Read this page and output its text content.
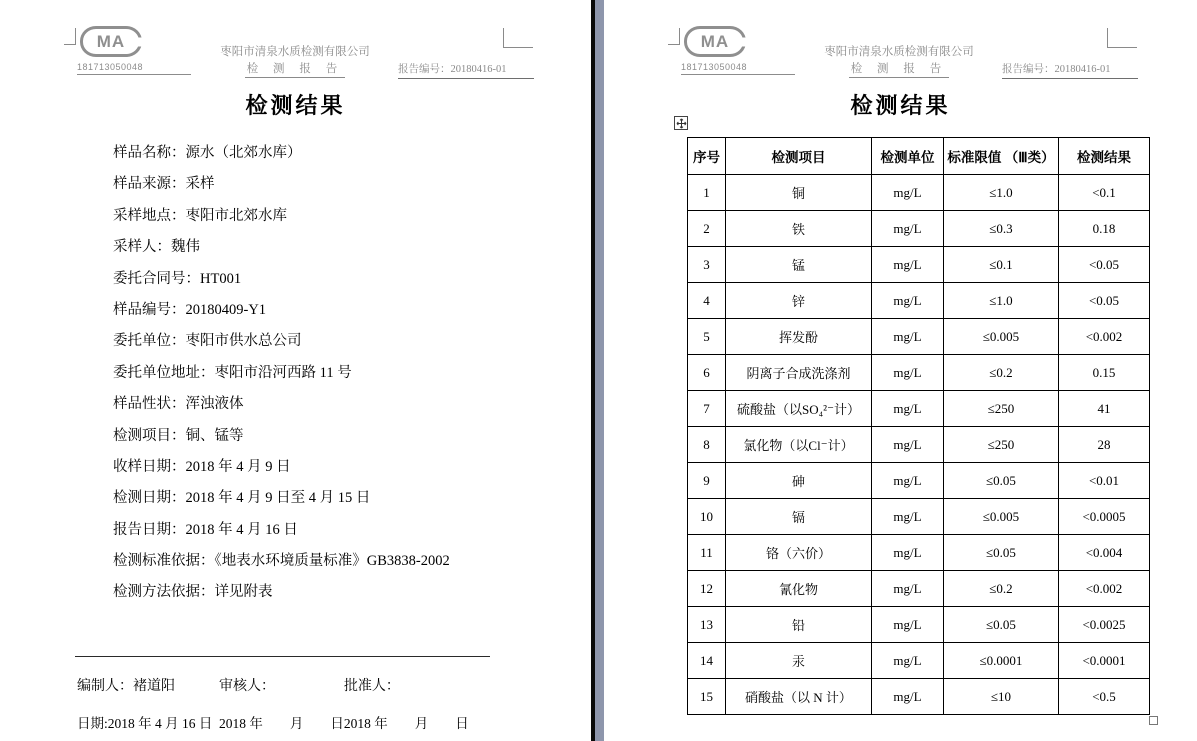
MA
181713050048
枣阳市清泉水质检测有限公司
检 测 报 告	报告编号：20180416-01
检测结果
样品名称：源水（北郊水库）
样品来源：采样
采样地点：枣阳市北郊水库
采样人：魏伟
委托合同号：HT001
样品编号：20180409-Y1
委托单位：枣阳市供水总公司
委托单位地址：枣阳市沿河西路 11 号
样品性状：浑浊液体
检测项目：铜、锰等
收样日期：2018 年 4 月 9 日
检测日期：2018 年 4 月 9 日至 4 月 15 日
报告日期：2018 年 4 月 16 日
检测标准依据：《地表水环境质量标准》GB3838-2002
检测方法依据：详见附表
编制人：褚道阳
日期:2018 年 4 月 16 日
审核人：
2018 年　　月　　日
批准人：
2018 年　　月　　日
MA
181713050048
枣阳市清泉水质检测有限公司
检 测 报 告	报告编号：20180416-01
检测结果
序号	检测项目	检测单位	标准限值 （Ⅲ类）	检测结果
1	铜	mg/L	≤1.0	<0.1
2	铁	mg/L	≤0.3	0.18
3	锰	mg/L	≤0.1	<0.05
4	锌	mg/L	≤1.0	<0.05
5	挥发酚	mg/L	≤0.005	<0.002
6	阴离子合成洗涤剂	mg/L	≤0.2	0.15
7	硫酸盐（以SO₄²⁻计）	mg/L	≤250	41
8	氯化物（以Cl⁻计）	mg/L	≤250	28
9	砷	mg/L	≤0.05	<0.01
10	镉	mg/L	≤0.005	<0.0005
11	铬（六价）	mg/L	≤0.05	<0.004
12	氰化物	mg/L	≤0.2	<0.002
13	铅	mg/L	≤0.05	<0.0025
14	汞	mg/L	≤0.0001	<0.0001
15	硝酸盐（以 N 计）	mg/L	≤10	<0.5
